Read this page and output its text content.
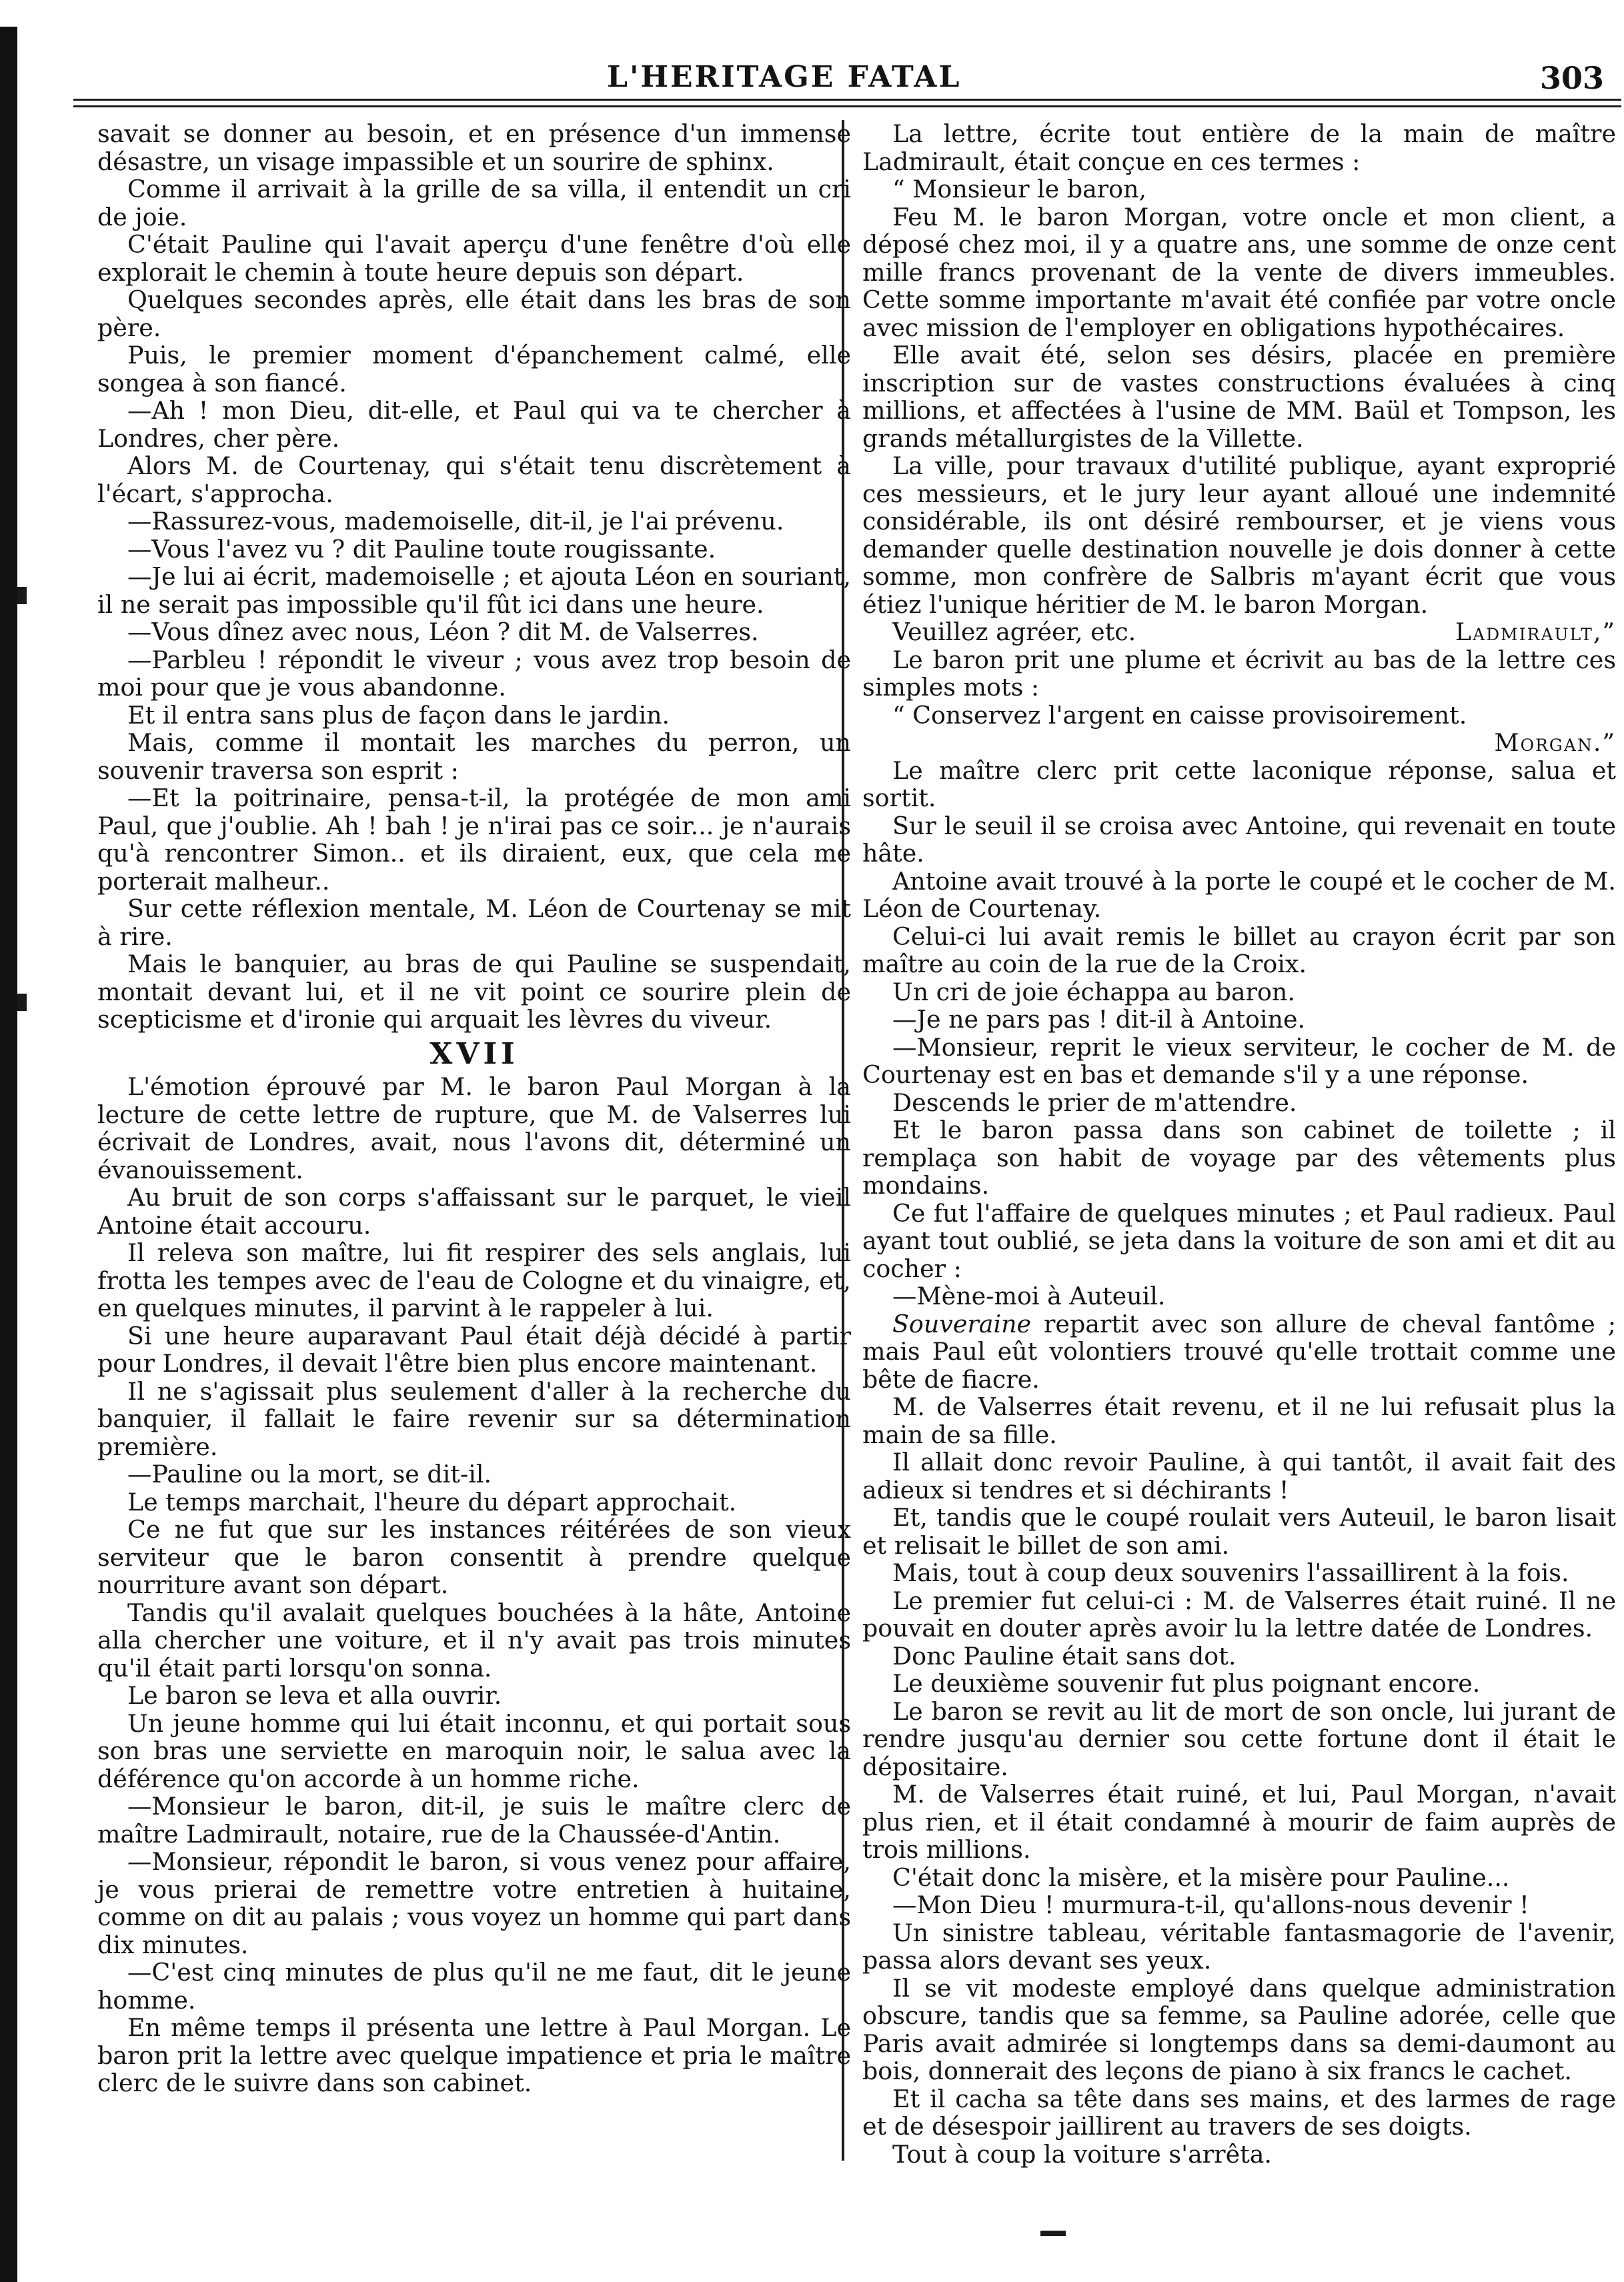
L'HERITAGE FATAL	303

savait se donner au besoin, et en présence d'un immense désastre, un visage impassible et un sourire de sphinx.

Comme il arrivait à la grille de sa villa, il entendit un cri de joie.

C'était Pauline qui l'avait aperçu d'une fenêtre d'où elle explorait le chemin à toute heure depuis son départ.

Quelques secondes après, elle était dans les bras de son père.

Puis, le premier moment d'épanchement calmé, elle songea à son fiancé.

—Ah ! mon Dieu, dit-elle, et Paul qui va te chercher à Londres, cher père.

Alors M. de Courtenay, qui s'était tenu discrètement à l'écart, s'approcha.

—Rassurez-vous, mademoiselle, dit-il, je l'ai prévenu.

—Vous l'avez vu ? dit Pauline toute rougissante.

—Je lui ai écrit, mademoiselle ; et ajouta Léon en souriant, il ne serait pas impossible qu'il fût ici dans une heure.

—Vous dînez avec nous, Léon ? dit M. de Valserres.

—Parbleu ! répondit le viveur ; vous avez trop besoin de moi pour que je vous abandonne.

Et il entra sans plus de façon dans le jardin.

Mais, comme il montait les marches du perron, un souvenir traversa son esprit :

—Et la poitrinaire, pensa-t-il, la protégée de mon ami Paul, que j'oublie. Ah ! bah ! je n'irai pas ce soir... je n'aurais qu'à rencontrer Simon.. et ils diraient, eux, que cela me porterait malheur..

Sur cette réflexion mentale, M. Léon de Courtenay se mit à rire.

Mais le banquier, au bras de qui Pauline se suspendait, montait devant lui, et il ne vit point ce sourire plein de scepticisme et d'ironie qui arquait les lèvres du viveur.

XVII

L'émotion éprouvé par M. le baron Paul Morgan à la lecture de cette lettre de rupture, que M. de Valserres lui écrivait de Londres, avait, nous l'avons dit, déterminé un évanouissement.

Au bruit de son corps s'affaissant sur le parquet, le vieil Antoine était accouru.

Il releva son maître, lui fit respirer des sels anglais, lui frotta les tempes avec de l'eau de Cologne et du vinaigre, et, en quelques minutes, il parvint à le rappeler à lui.

Si une heure auparavant Paul était déjà décidé à partir pour Londres, il devait l'être bien plus encore maintenant.

Il ne s'agissait plus seulement d'aller à la recherche du banquier, il fallait le faire revenir sur sa détermination première.

—Pauline ou la mort, se dit-il.

Le temps marchait, l'heure du départ approchait.

Ce ne fut que sur les instances réitérées de son vieux serviteur que le baron consentit à prendre quelque nourriture avant son départ.

Tandis qu'il avalait quelques bouchées à la hâte, Antoine alla chercher une voiture, et il n'y avait pas trois minutes qu'il était parti lorsqu'on sonna.

Le baron se leva et alla ouvrir.

Un jeune homme qui lui était inconnu, et qui portait sous son bras une serviette en maroquin noir, le salua avec la déférence qu'on accorde à un homme riche.

—Monsieur le baron, dit-il, je suis le maître clerc de maître Ladmirault, notaire, rue de la Chaussée-d'Antin.

—Monsieur, répondit le baron, si vous venez pour affaire, je vous prierai de remettre votre entretien à huitaine, comme on dit au palais ; vous voyez un homme qui part dans dix minutes.

—C'est cinq minutes de plus qu'il ne me faut, dit le jeune homme.

En même temps il présenta une lettre à Paul Morgan. Le baron prit la lettre avec quelque impatience et pria le maître clerc de le suivre dans son cabinet.

La lettre, écrite tout entière de la main de maître Ladmirault, était conçue en ces termes :

“ Monsieur le baron,

Feu M. le baron Morgan, votre oncle et mon client, a déposé chez moi, il y a quatre ans, une somme de onze cent mille francs provenant de la vente de divers immeubles. Cette somme importante m'avait été confiée par votre oncle avec mission de l'employer en obligations hypothécaires.

Elle avait été, selon ses désirs, placée en première inscription sur de vastes constructions évaluées à cinq millions, et affectées à l'usine de MM. Baül et Tompson, les grands métallurgistes de la Villette.

La ville, pour travaux d'utilité publique, ayant exproprié ces messieurs, et le jury leur ayant alloué une indemnité considérable, ils ont désiré rembourser, et je viens vous demander quelle destination nouvelle je dois donner à cette somme, mon confrère de Salbris m'ayant écrit que vous étiez l'unique héritier de M. le baron Morgan.

Veuillez agréer, etc.	Ladmirault,”

Le baron prit une plume et écrivit au bas de la lettre ces simples mots :

“ Conservez l'argent en caisse provisoirement.

Morgan.”

Le maître clerc prit cette laconique réponse, salua et sortit.

Sur le seuil il se croisa avec Antoine, qui revenait en toute hâte.

Antoine avait trouvé à la porte le coupé et le cocher de M. Léon de Courtenay.

Celui-ci lui avait remis le billet au crayon écrit par son maître au coin de la rue de la Croix.

Un cri de joie échappa au baron.

—Je ne pars pas ! dit-il à Antoine.

—Monsieur, reprit le vieux serviteur, le cocher de M. de Courtenay est en bas et demande s'il y a une réponse.

Descends le prier de m'attendre.

Et le baron passa dans son cabinet de toilette ; il remplaça son habit de voyage par des vêtements plus mondains.

Ce fut l'affaire de quelques minutes ; et Paul radieux. Paul ayant tout oublié, se jeta dans la voiture de son ami et dit au cocher :

—Mène-moi à Auteuil.

Souveraine repartit avec son allure de cheval fantôme ; mais Paul eût volontiers trouvé qu'elle trottait comme une bête de fiacre.

M. de Valserres était revenu, et il ne lui refusait plus la main de sa fille.

Il allait donc revoir Pauline, à qui tantôt, il avait fait des adieux si tendres et si déchirants !

Et, tandis que le coupé roulait vers Auteuil, le baron lisait et relisait le billet de son ami.

Mais, tout à coup deux souvenirs l'assaillirent à la fois.

Le premier fut celui-ci : M. de Valserres était ruiné. Il ne pouvait en douter après avoir lu la lettre datée de Londres.

Donc Pauline était sans dot.

Le deuxième souvenir fut plus poignant encore.

Le baron se revit au lit de mort de son oncle, lui jurant de rendre jusqu'au dernier sou cette fortune dont il était le dépositaire.

M. de Valserres était ruiné, et lui, Paul Morgan, n'avait plus rien, et il était condamné à mourir de faim auprès de trois millions.

C'était donc la misère, et la misère pour Pauline...

—Mon Dieu ! murmura-t-il, qu'allons-nous devenir !

Un sinistre tableau, véritable fantasmagorie de l'avenir, passa alors devant ses yeux.

Il se vit modeste employé dans quelque administration obscure, tandis que sa femme, sa Pauline adorée, celle que Paris avait admirée si longtemps dans sa demi-daumont au bois, donnerait des leçons de piano à six francs le cachet.

Et il cacha sa tête dans ses mains, et des larmes de rage et de désespoir jaillirent au travers de ses doigts.

Tout à coup la voiture s'arrêta.
